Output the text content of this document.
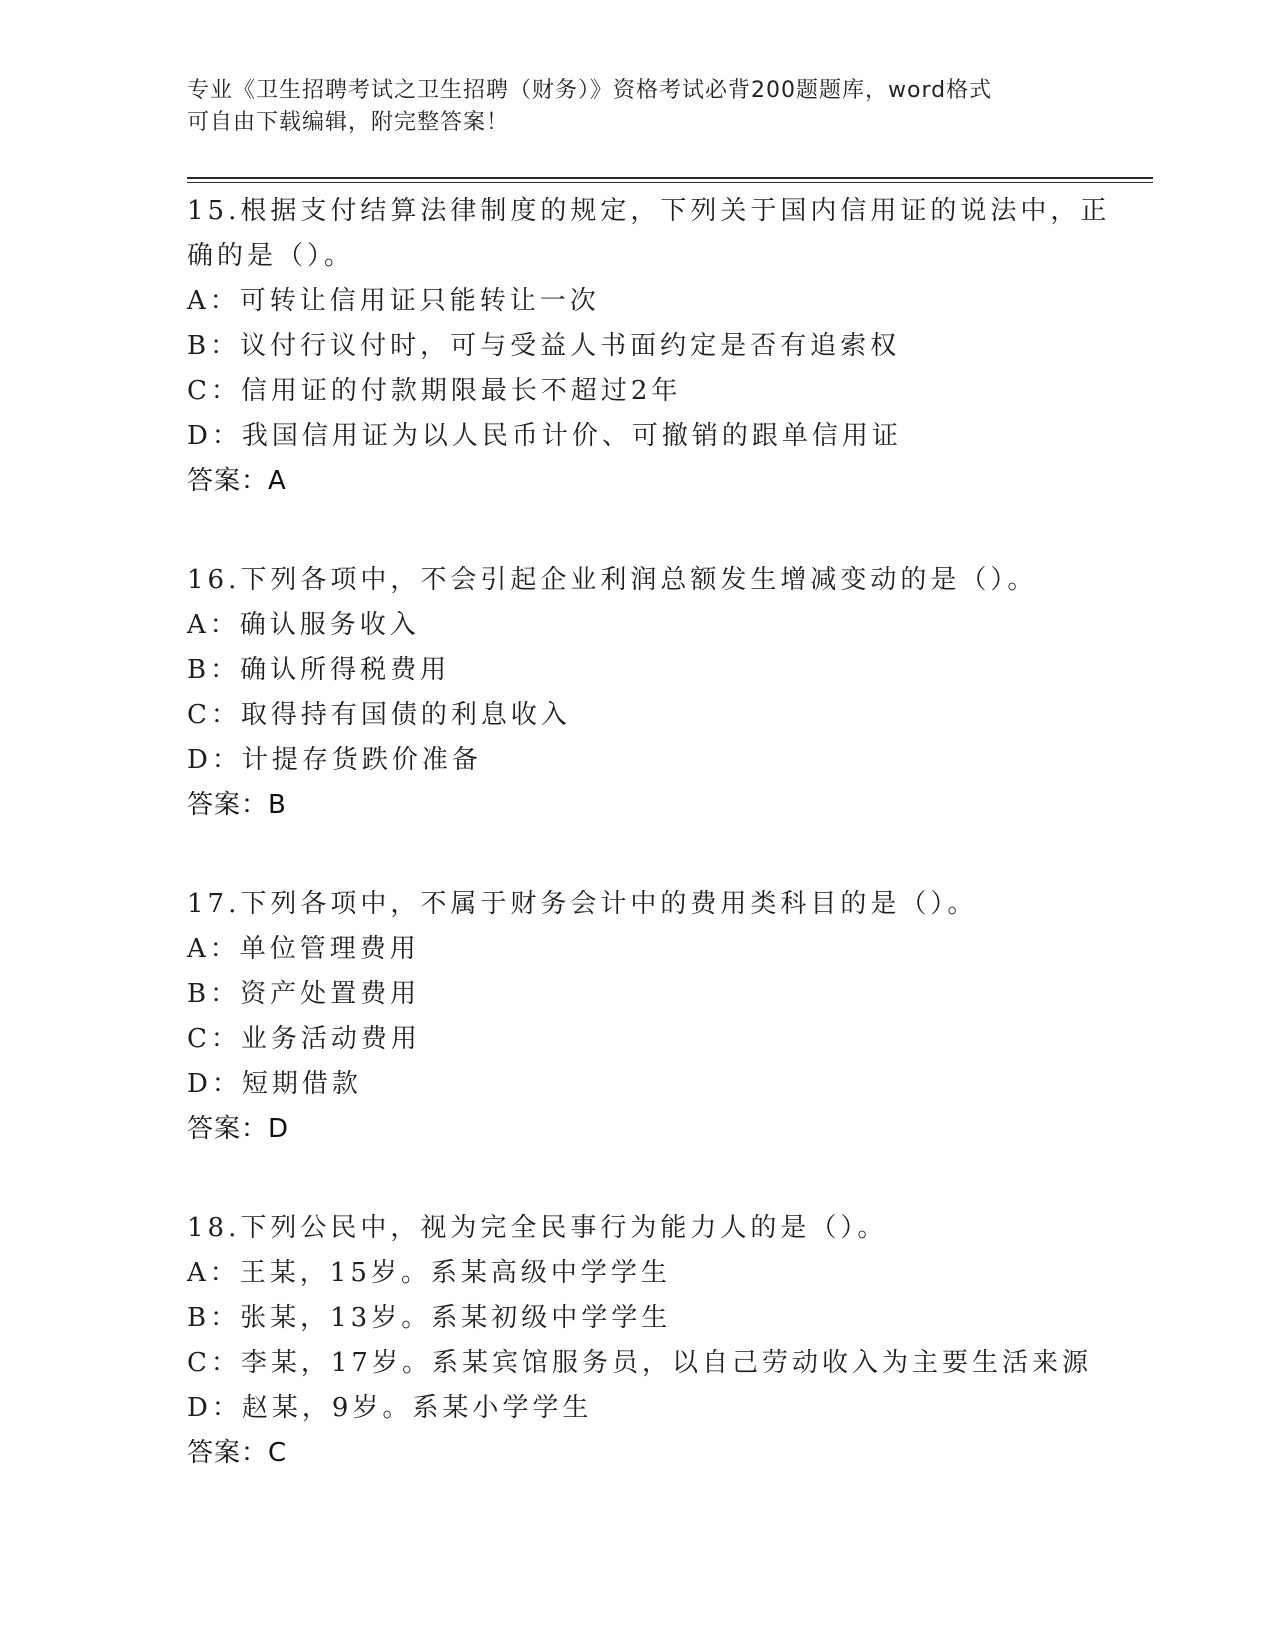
专业《卫生招聘考试之卫生招聘（财务）》资格考试必背200题题库，word格式
可自由下载编辑，附完整答案！
15.根据支付结算法律制度的规定，下列关于国内信用证的说法中，正
确的是（）。
A：可转让信用证只能转让一次
B：议付行议付时，可与受益人书面约定是否有追索权
C：信用证的付款期限最长不超过2年
D：我国信用证为以人民币计价、可撤销的跟单信用证
答案：A
16.下列各项中，不会引起企业利润总额发生增减变动的是（）。
A：确认服务收入
B：确认所得税费用
C：取得持有国债的利息收入
D：计提存货跌价准备
答案：B
17.下列各项中，不属于财务会计中的费用类科目的是（）。
A：单位管理费用
B：资产处置费用
C：业务活动费用
D：短期借款
答案：D
18.下列公民中，视为完全民事行为能力人的是（）。
A：王某，15岁。系某高级中学学生
B：张某，13岁。系某初级中学学生
C：李某，17岁。系某宾馆服务员，以自己劳动收入为主要生活来源
D：赵某，9岁。系某小学学生
答案：C
